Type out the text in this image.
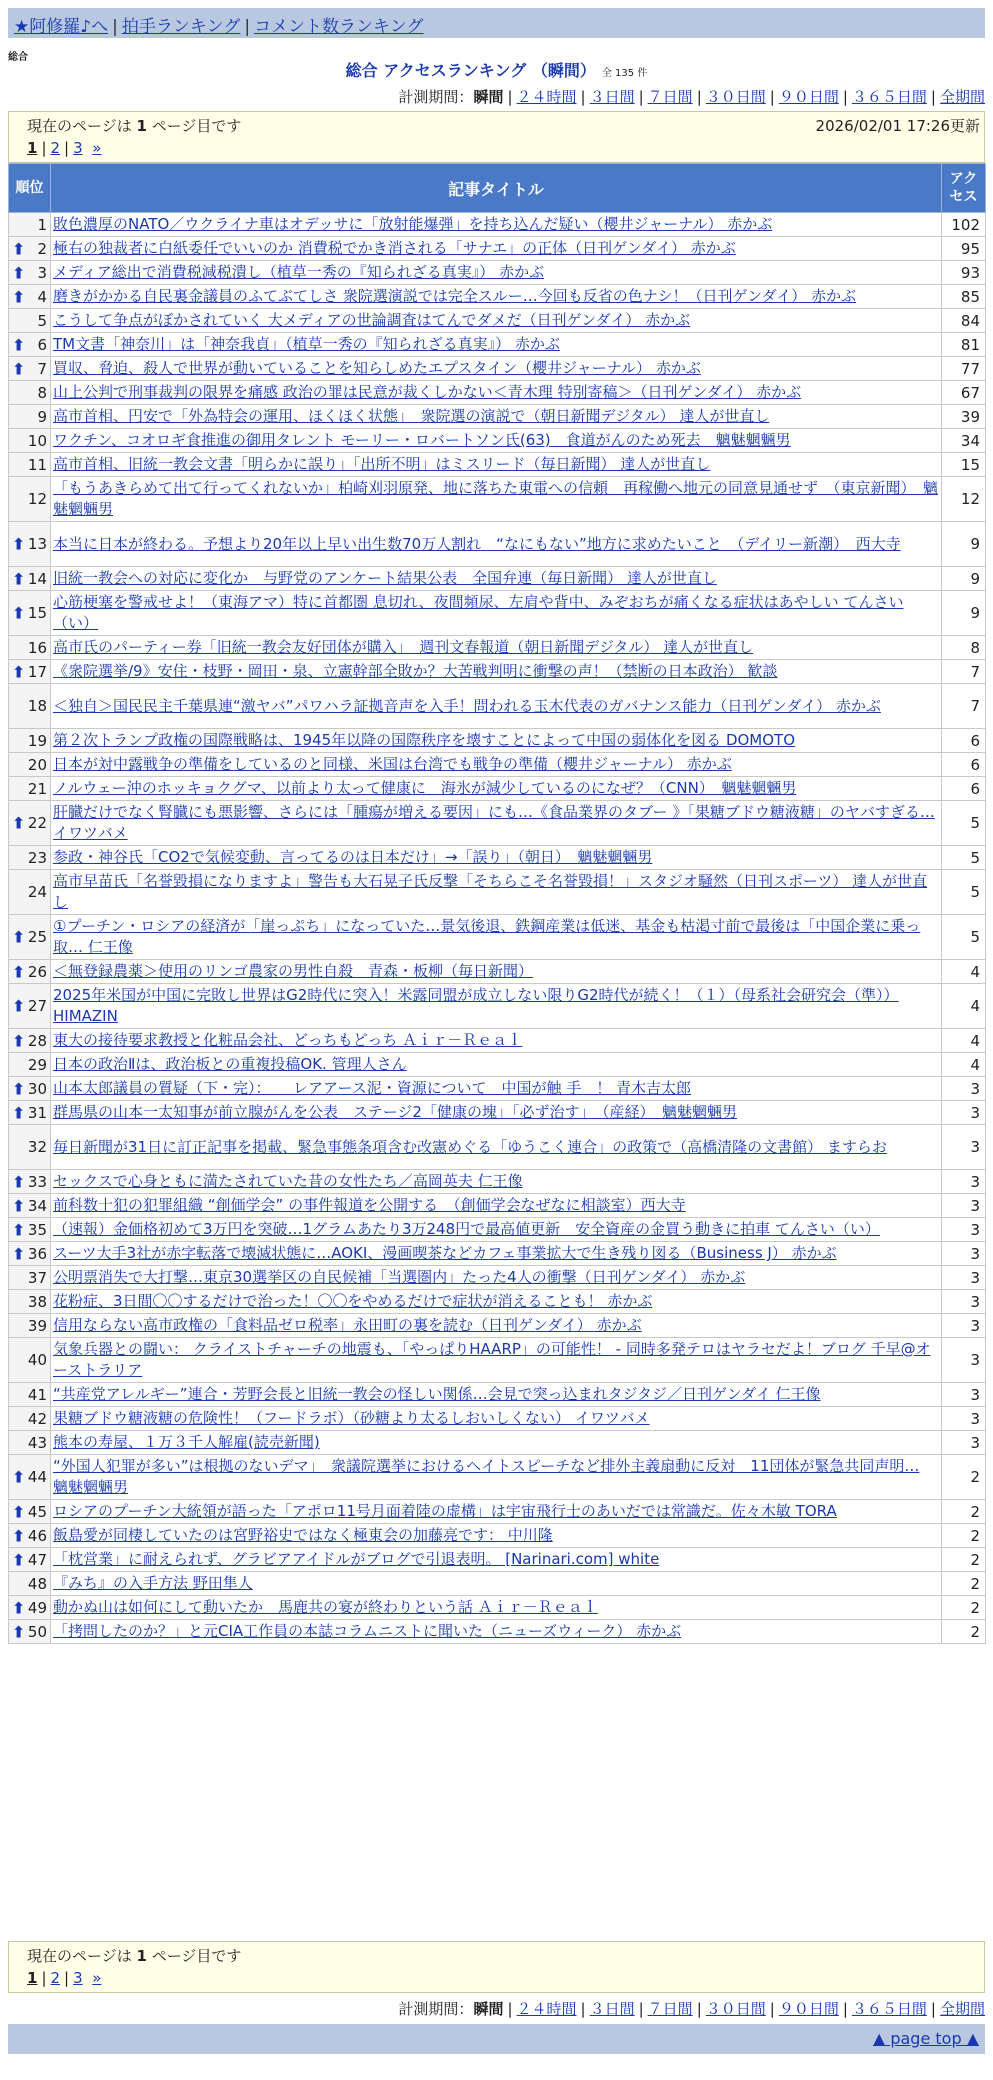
★阿修羅♪へ | 拍手ランキング | コメント数ランキング
総合
総合 アクセスランキング （瞬間） 全 135 件
計測期間：瞬間 | ２４時間 | ３日間 | ７日間 | ３０日間 | ９０日間 | ３６５日間 | 全期間
現在のページは 1 ページ目です	2026/02/01 17:26更新
1 | 2 | 3 »
順位	記事タイトル	アクセス
1	敗色濃厚のNATO／ウクライナ車はオデッサに「放射能爆弾」を持ち込んだ疑い（櫻井ジャーナル） 赤かぶ	102

⬆ 2	極右の独裁者に白紙委任でいいのか 消費税でかき消される「サナエ」の正体（日刊ゲンダイ） 赤かぶ	95

⬆ 3	メディア総出で消費税減税潰し（植草一秀の『知られざる真実』） 赤かぶ	93

⬆ 4	磨きがかかる自民裏金議員のふてぶてしさ 衆院選演説では完全スルー…今回も反省の色ナシ！（日刊ゲンダイ） 赤かぶ	85
5	こうして争点がぼかされていく 大メディアの世論調査はてんでダメだ（日刊ゲンダイ） 赤かぶ	84

⬆ 6	TM文書「神奈川」は「神奈我貞」（植草一秀の『知られざる真実』） 赤かぶ	81

⬆ 7	買収、脅迫、殺人で世界が動いていることを知らしめたエプスタイン（櫻井ジャーナル） 赤かぶ	77
8	山上公判で刑事裁判の限界を痛感 政治の罪は民意が裁くしかない＜青木理 特別寄稿＞（日刊ゲンダイ） 赤かぶ	67
9	高市首相、円安で「外為特会の運用、ほくほく状態」　衆院選の演説で（朝日新聞デジタル） 達人が世直し	39
10	ワクチン、コオロギ食推進の御用タレント モーリー・ロバートソン氏(63)　食道がんのため死去　魑魅魍魎男	34
11	高市首相、旧統一教会文書「明らかに誤り」「出所不明」はミスリード（毎日新聞） 達人が世直し	15
12	「もうあきらめて出て行ってくれないか」柏崎刈羽原発、地に落ちた東電への信頼　再稼働へ地元の同意見通せず　（東京新聞）　魑魅魍魎男	12

⬆ 13	本当に日本が終わる。予想より20年以上早い出生数70万人割れ　“なにもない”地方に求めたいこと　（デイリー新潮）　西大寺	9

⬆ 14	旧統一教会への対応に変化か　与野党のアンケート結果公表　全国弁連（毎日新聞） 達人が世直し	9

⬆ 15	心筋梗塞を警戒せよ！（東海アマ）特に首都圏 息切れ、夜間頻尿、左肩や背中、みぞおちが痛くなる症状はあやしい てんさい（い）	9
16	高市氏のパーティー券「旧統一教会友好団体が購入」　週刊文春報道（朝日新聞デジタル） 達人が世直し	8

⬆ 17	《衆院選挙/9》安住・枝野・岡田・泉、立憲幹部全敗か？大苦戦判明に衝撃の声！（禁断の日本政治） 歓談	7
18	＜独自＞国民民主千葉県連“激ヤバ”パワハラ証拠音声を入手！問われる玉木代表のガバナンス能力（日刊ゲンダイ） 赤かぶ	7
19	第２次トランプ政権の国際戦略は、1945年以降の国際秩序を壊すことによって中国の弱体化を図る DOMOTO	6
20	日本が対中露戦争の準備をしているのと同様、米国は台湾でも戦争の準備（櫻井ジャーナル） 赤かぶ	6
21	ノルウェー沖のホッキョクグマ、以前より太って健康に　海氷が減少しているのになぜ？（CNN）　魑魅魍魎男	6

⬆ 22	肝臓だけでなく腎臓にも悪影響、さらには「腫瘍が増える要因」にも…《食品業界のタブー 》「果糖ブドウ糖液糖」のヤバすぎる… イワツバメ	5
23	参政・神谷氏「CO2で気候変動、言ってるのは日本だけ」→「誤り」（朝日）　魑魅魍魎男	5
24	高市早苗氏「名誉毀損になりますよ」警告も大石晃子氏反撃「そちらこそ名誉毀損！」スタジオ騒然（日刊スポーツ） 達人が世直し	5

⬆ 25	①プーチン・ロシアの経済が「崖っぷち」になっていた…景気後退、鉄鋼産業は低迷、基金も枯渇寸前で最後は「中国企業に乗っ取… 仁王像	5

⬆ 26	＜無登録農薬＞使用のリンゴ農家の男性自殺　青森・板柳（毎日新聞）	4

⬆ 27	2025年米国が中国に完敗し世界はG2時代に突入！米露同盟が成立しない限りG2時代が続く！（１）（母系社会研究会（準）） HIMAZIN	4

⬆ 28	東大の接待要求教授と化粧品会社、どっちもどっち Ａｉｒ－Ｒｅａｌ	4
29	日本の政治Ⅱは、政治板との重複投稿OK. 管理人さん	4

⬆ 30	山本太郎議員の質疑（下・完）：　　レアアース泥・資源について　中国が触 手　！ 青木吉太郎	3

⬆ 31	群馬県の山本一太知事が前立腺がんを公表　ステージ2「健康の塊」「必ず治す」　（産経）　魑魅魍魎男	3
32	毎日新聞が31日に訂正記事を掲載、緊急事態条項含む改憲めぐる「ゆうこく連合」の政策で（高橋清隆の文書館） ますらお	3

⬆ 33	セックスで心身ともに満たされていた昔の女性たち／高岡英夫 仁王像	3

⬆ 34	前科数十犯の犯罪組織 “創価学会” の事件報道を公開する　（創価学会なぜなに相談室）西大寺	3

⬆ 35	（速報）金価格初めて3万円を突破…1グラムあたり3万248円で最高値更新　安全資産の金買う動きに拍車 てんさい（い）	3

⬆ 36	スーツ大手3社が赤字転落で壊滅状態に…AOKI、漫画喫茶などカフェ事業拡大で生き残り図る（Business J） 赤かぶ	3
37	公明票消失で大打撃…東京30選挙区の自民候補「当選圏内」たった4人の衝撃（日刊ゲンダイ） 赤かぶ	3
38	花粉症、3日間〇〇するだけで治った！〇〇をやめるだけで症状が消えることも！ 赤かぶ	3
39	信用ならない高市政権の「食料品ゼロ税率」永田町の裏を読む（日刊ゲンダイ） 赤かぶ	3
40	気象兵器との闘い： クライストチャーチの地震も、「やっぱりHAARP」の可能性！ - 同時多発テロはヤラセだよ！ブログ 千早@オーストラリア	3
41	“共産党アレルギー”連合・芳野会長と旧統一教会の怪しい関係…会見で突っ込まれタジタジ／日刊ゲンダイ 仁王像	3
42	果糖ブドウ糖液糖の危険性！（フードラボ）（砂糖より太るしおいしくない） イワツバメ	3
43	熊本の寿屋、１万３千人解雇(読売新聞)	3

⬆ 44	“外国人犯罪が多い”は根拠のないデマ」　衆議院選挙におけるヘイトスピーチなど排外主義扇動に反対　11団体が緊急共同声明… 魑魅魍魎男	2

⬆ 45	ロシアのプーチン大統領が語った「アポロ11号月面着陸の虚構」は宇宙飛行士のあいだでは常識だ。佐々木敏 TORA	2

⬆ 46	飯島愛が同棲していたのは宮野裕史ではなく極東会の加藤亮です： 中川隆	2

⬆ 47	「枕営業」に耐えられず、グラビアアイドルがブログで引退表明。 [Narinari.com] white	2
48	『みち』の入手方法 野田隼人	2

⬆ 49	動かぬ山は如何にして動いたか　馬鹿共の宴が終わりという話 Ａｉｒ－Ｒｅａｌ	2

⬆ 50	「拷問したのか？」と元CIA工作員の本誌コラムニストに聞いた（ニューズウィーク） 赤かぶ	2
現在のページは 1 ページ目です
1 | 2 | 3 »
計測期間：瞬間 | ２４時間 | ３日間 | ７日間 | ３０日間 | ９０日間 | ３６５日間 | 全期間
▲ page top ▲
